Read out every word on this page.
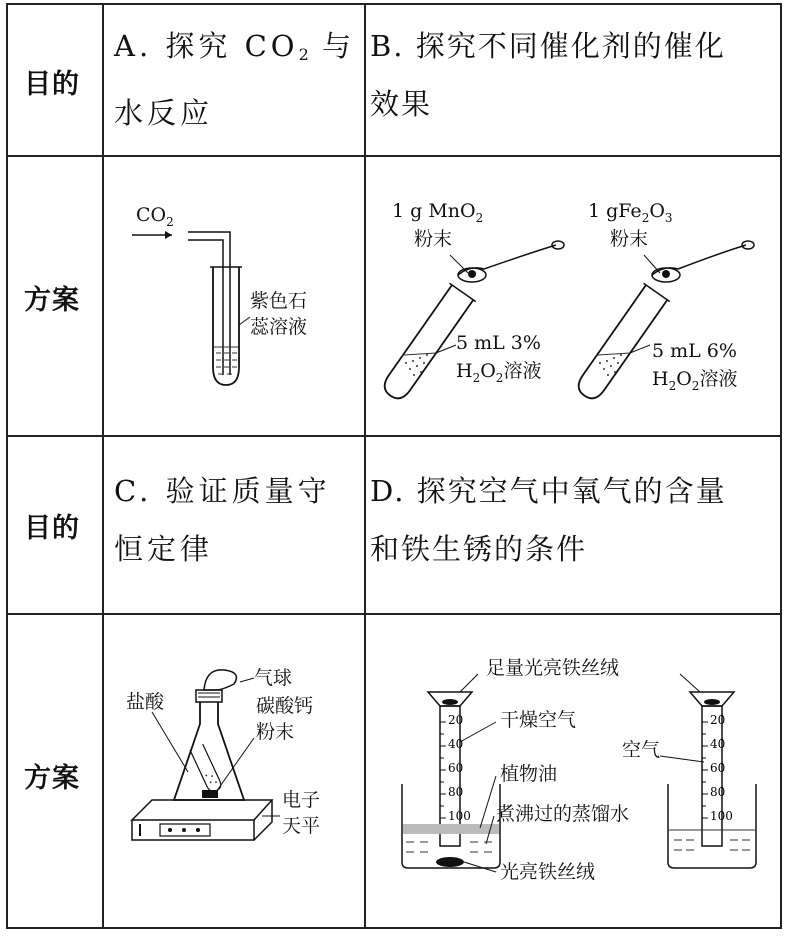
目的
方案
目的
方案
A. 探究 $CO_2$ 与
水反应
B. 探究不同催化剂的催化
效果
C. 验证质量守
恒定律
D. 探究空气中氧气的含量
和铁生锈的条件
$CO_2$
紫色石
蕊溶液
1 g MnO$_2$
粉末
5 mL 3%
$H_2O_2$溶液
1 $gFe_2O_3$
粉末
5 mL 6%
$H_2O_2$溶液
气球
盐酸	碳酸钙
粉末
电子
天平
足量光亮铁丝绒
20
40
60
80
100
干燥空气
植物油
煮沸过的蒸馏水
光亮铁丝绒
20
40
60
80
100
空气
